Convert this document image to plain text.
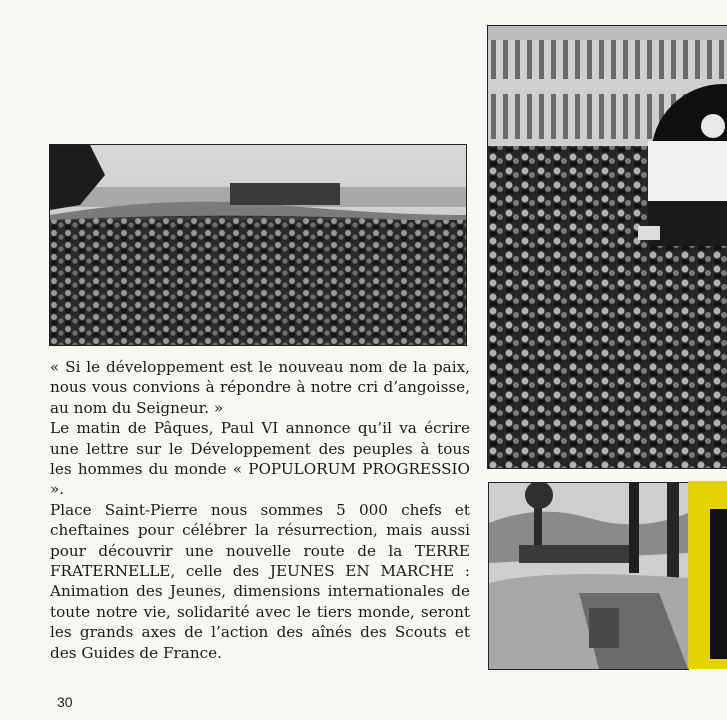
« Si le développement est le nouveau nom de la paix, nous vous convions à répondre à notre cri d’angoisse, au nom du Seigneur. »

Le matin de Pâques, Paul VI annonce qu’il va écrire une lettre sur le Développement des peuples à tous les hommes du monde « POPULORUM PROGRESSIO ».

Place Saint-Pierre nous sommes 5 000 chefs et cheftaines pour célébrer la résurrection, mais aussi pour découvrir une nouvelle route de la TERRE FRATERNELLE, celle des JEUNES EN MARCHE : Animation des Jeunes, dimensions internationales de toute notre vie, solidarité avec le tiers monde, seront les grands axes de l’action des aînés des Scouts et des Guides de France.

30
